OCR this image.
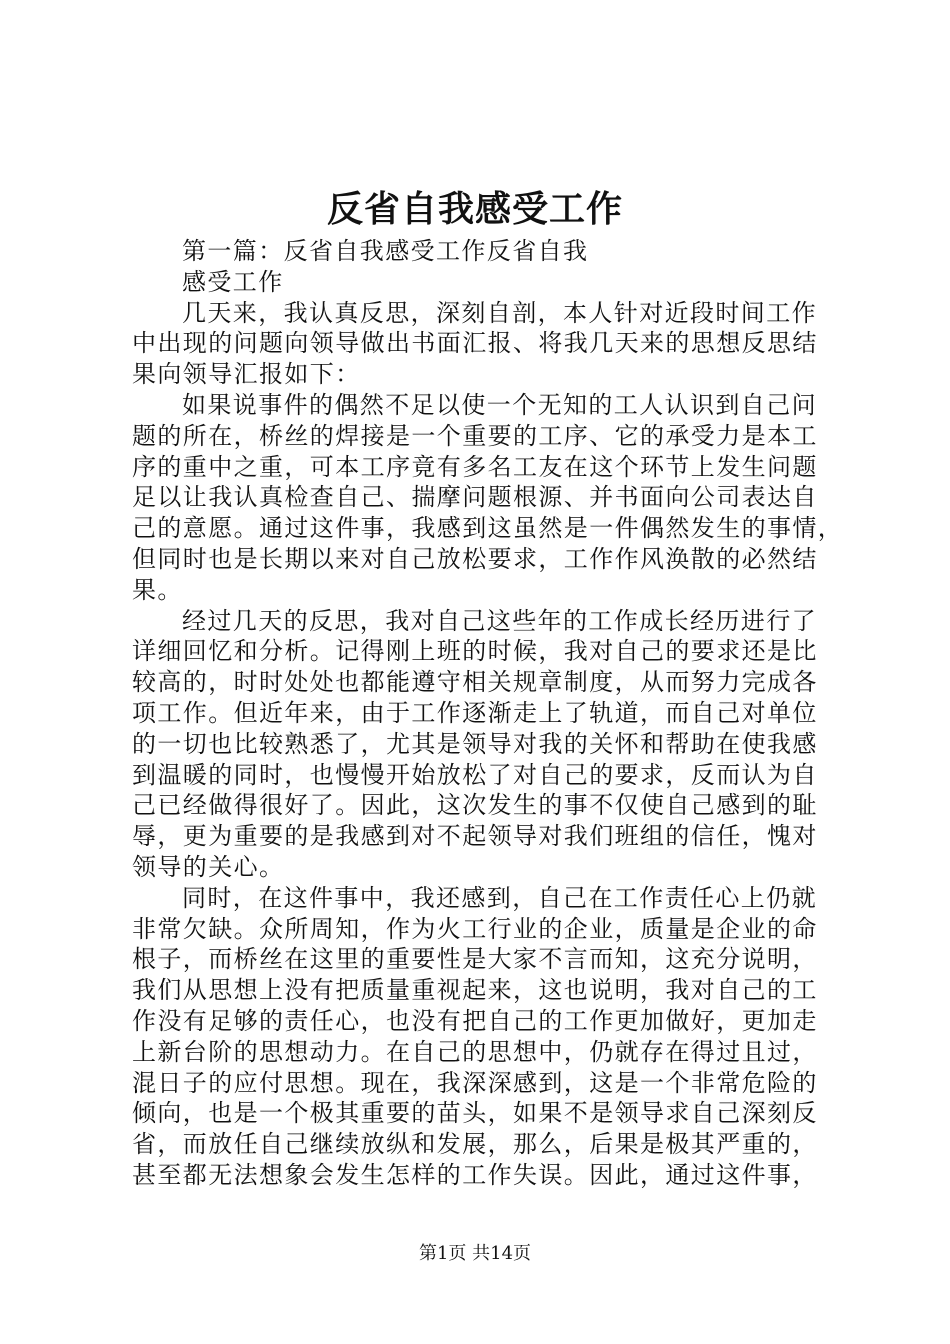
反省自我感受工作
第一篇：反省自我感受工作反省自我
感受工作
几天来，我认真反思，深刻自剖，本人针对近段时间工作
中出现的问题向领导做出书面汇报、将我几天来的思想反思结
果向领导汇报如下：
如果说事件的偶然不足以使一个无知的工人认识到自己问
题的所在，桥丝的焊接是一个重要的工序、它的承受力是本工
序的重中之重，可本工序竟有多名工友在这个环节上发生问题
足以让我认真检查自己、揣摩问题根源、并书面向公司表达自
己的意愿。通过这件事，我感到这虽然是一件偶然发生的事情，
但同时也是长期以来对自己放松要求，工作作风涣散的必然结
果。
经过几天的反思，我对自己这些年的工作成长经历进行了
详细回忆和分析。记得刚上班的时候，我对自己的要求还是比
较高的，时时处处也都能遵守相关规章制度，从而努力完成各
项工作。但近年来，由于工作逐渐走上了轨道，而自己对单位
的一切也比较熟悉了，尤其是领导对我的关怀和帮助在使我感
到温暖的同时，也慢慢开始放松了对自己的要求，反而认为自
己已经做得很好了。因此，这次发生的事不仅使自己感到的耻
辱，更为重要的是我感到对不起领导对我们班组的信任，愧对
领导的关心。
同时，在这件事中，我还感到，自己在工作责任心上仍就
非常欠缺。众所周知，作为火工行业的企业，质量是企业的命
根子，而桥丝在这里的重要性是大家不言而知，这充分说明，
我们从思想上没有把质量重视起来，这也说明，我对自己的工
作没有足够的责任心，也没有把自己的工作更加做好，更加走
上新台阶的思想动力。在自己的思想中，仍就存在得过且过，
混日子的应付思想。现在，我深深感到，这是一个非常危险的
倾向，也是一个极其重要的苗头，如果不是领导求自己深刻反
省，而放任自己继续放纵和发展，那么，后果是极其严重的，
甚至都无法想象会发生怎样的工作失误。因此，通过这件事，
第1页 共14页
